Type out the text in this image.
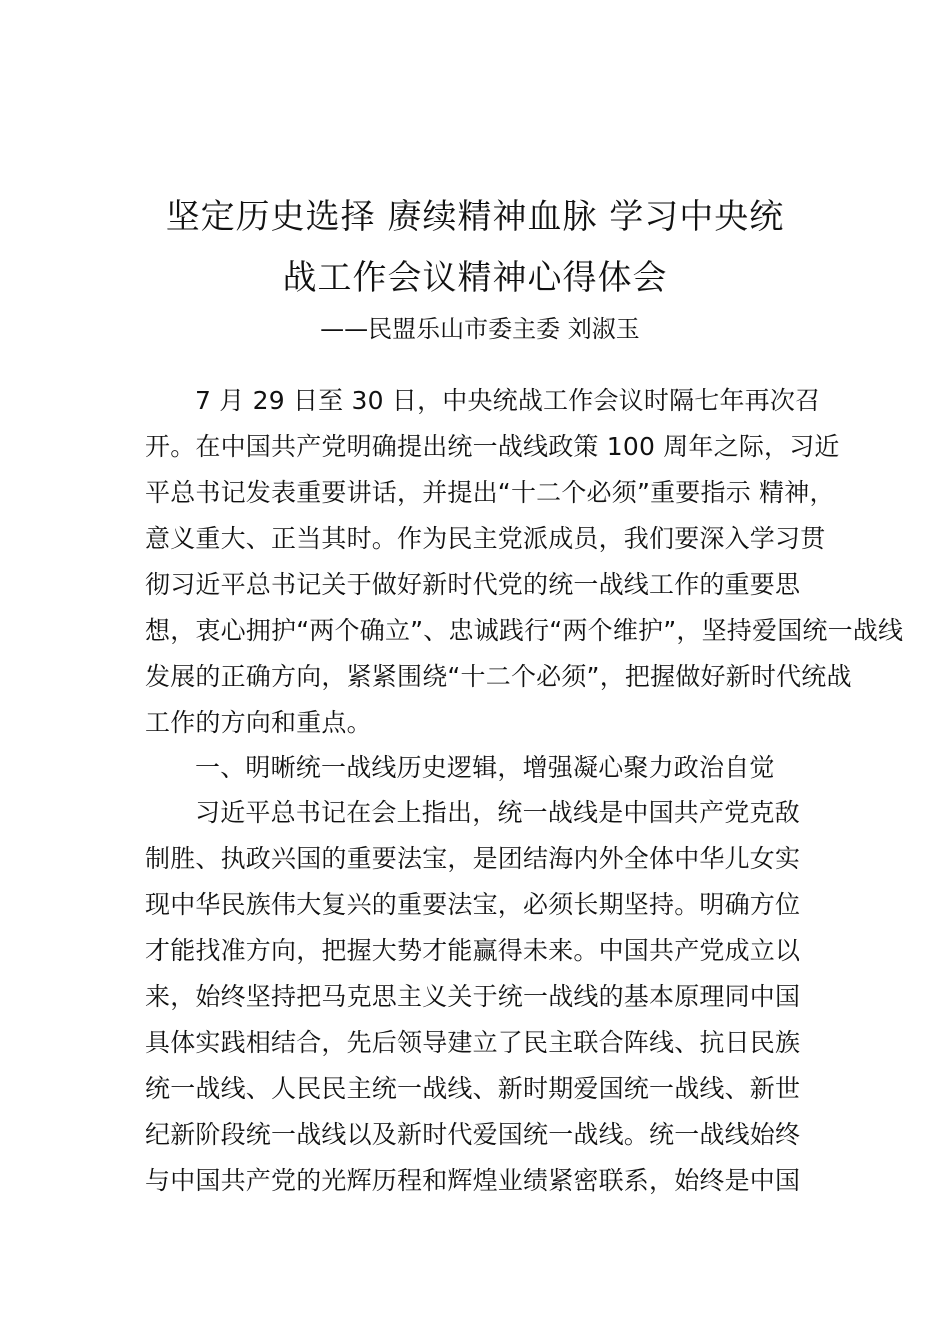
坚定历史选择 赓续精神血脉 学习中央统
战工作会议精神心得体会
——民盟乐山市委主委 刘淑玉
7 月 29 日至 30 日，中央统战工作会议时隔七年再次召
开。在中国共产党明确提出统一战线政策 100 周年之际，习近
平总书记发表重要讲话，并提出“十二个必须”重要指示 精神，
意义重大、正当其时。作为民主党派成员，我们要深入学习贯
彻习近平总书记关于做好新时代党的统一战线工作的重要思
想，衷心拥护“两个确立”、忠诚践行“两个维护”，坚持爱国统一战线
发展的正确方向，紧紧围绕“十二个必须”，把握做好新时代统战
工作的方向和重点。
一、明晰统一战线历史逻辑，增强凝心聚力政治自觉
习近平总书记在会上指出，统一战线是中国共产党克敌
制胜、执政兴国的重要法宝，是团结海内外全体中华儿女实
现中华民族伟大复兴的重要法宝，必须长期坚持。明确方位
才能找准方向，把握大势才能赢得未来。中国共产党成立以
来，始终坚持把马克思主义关于统一战线的基本原理同中国
具体实践相结合，先后领导建立了民主联合阵线、抗日民族
统一战线、人民民主统一战线、新时期爱国统一战线、新世
纪新阶段统一战线以及新时代爱国统一战线。统一战线始终
与中国共产党的光辉历程和辉煌业绩紧密联系，始终是中国
